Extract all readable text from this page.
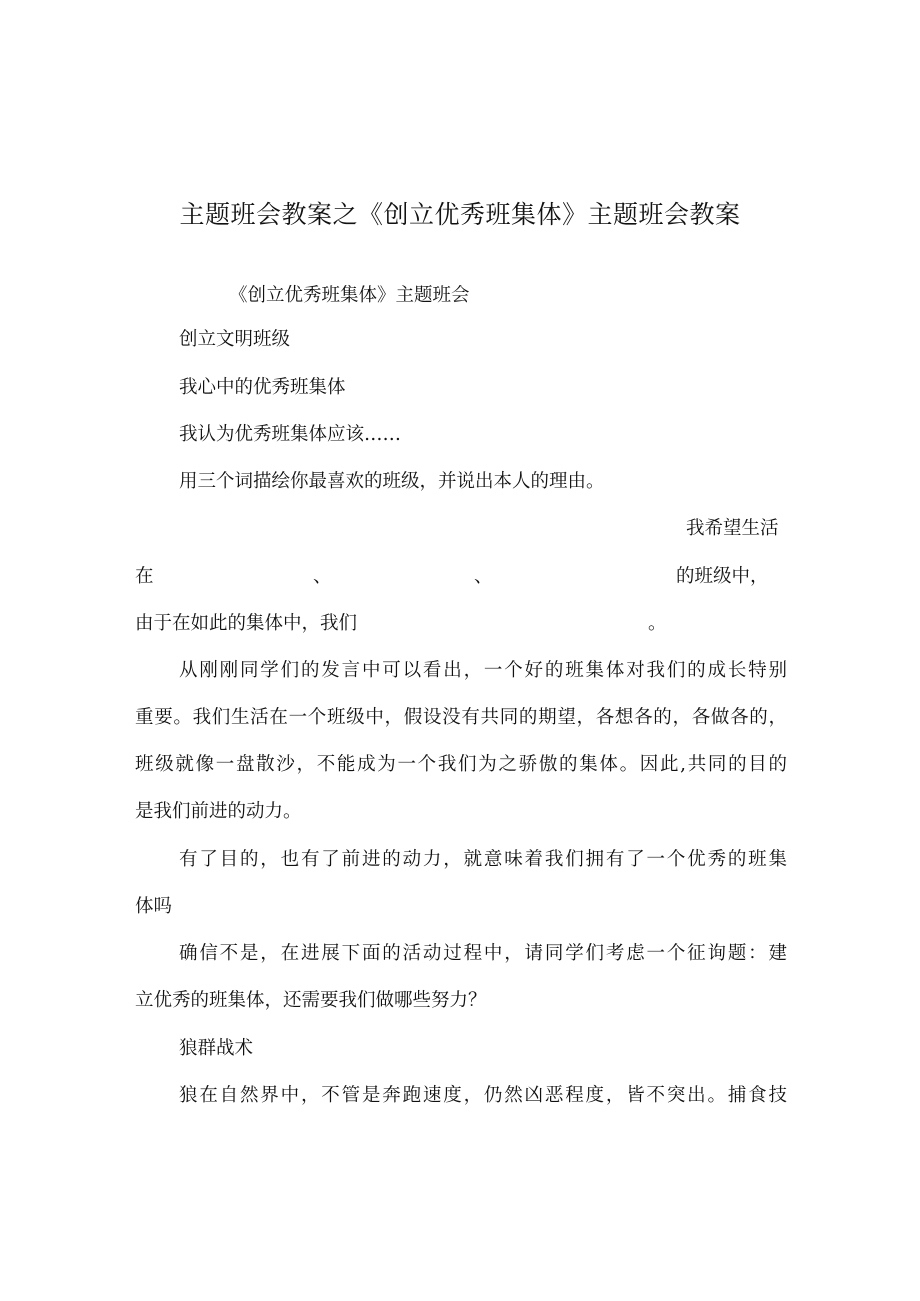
主题班会教案之《创立优秀班集体》主题班会教案
《创立优秀班集体》主题班会
创立文明班级
我心中的优秀班集体
我认为优秀班集体应该……
用三个词描绘你最喜欢的班级，并说出本人的理由。
我希望生活
在	、	、	的班级中，
由于在如此的集体中，我们	。
从刚刚同学们的发言中可以看出，一个好的班集体对我们的成长特别
重要。我们生活在一个班级中，假设没有共同的期望，各想各的，各做各的，
班级就像一盘散沙，不能成为一个我们为之骄傲的集体。因此,共同的目的
是我们前进的动力。
有了目的，也有了前进的动力，就意味着我们拥有了一个优秀的班集
体吗
确信不是，在进展下面的活动过程中，请同学们考虑一个征询题：建
立优秀的班集体，还需要我们做哪些努力？
狼群战术
狼在自然界中，不管是奔跑速度，仍然凶恶程度，皆不突出。捕食技
